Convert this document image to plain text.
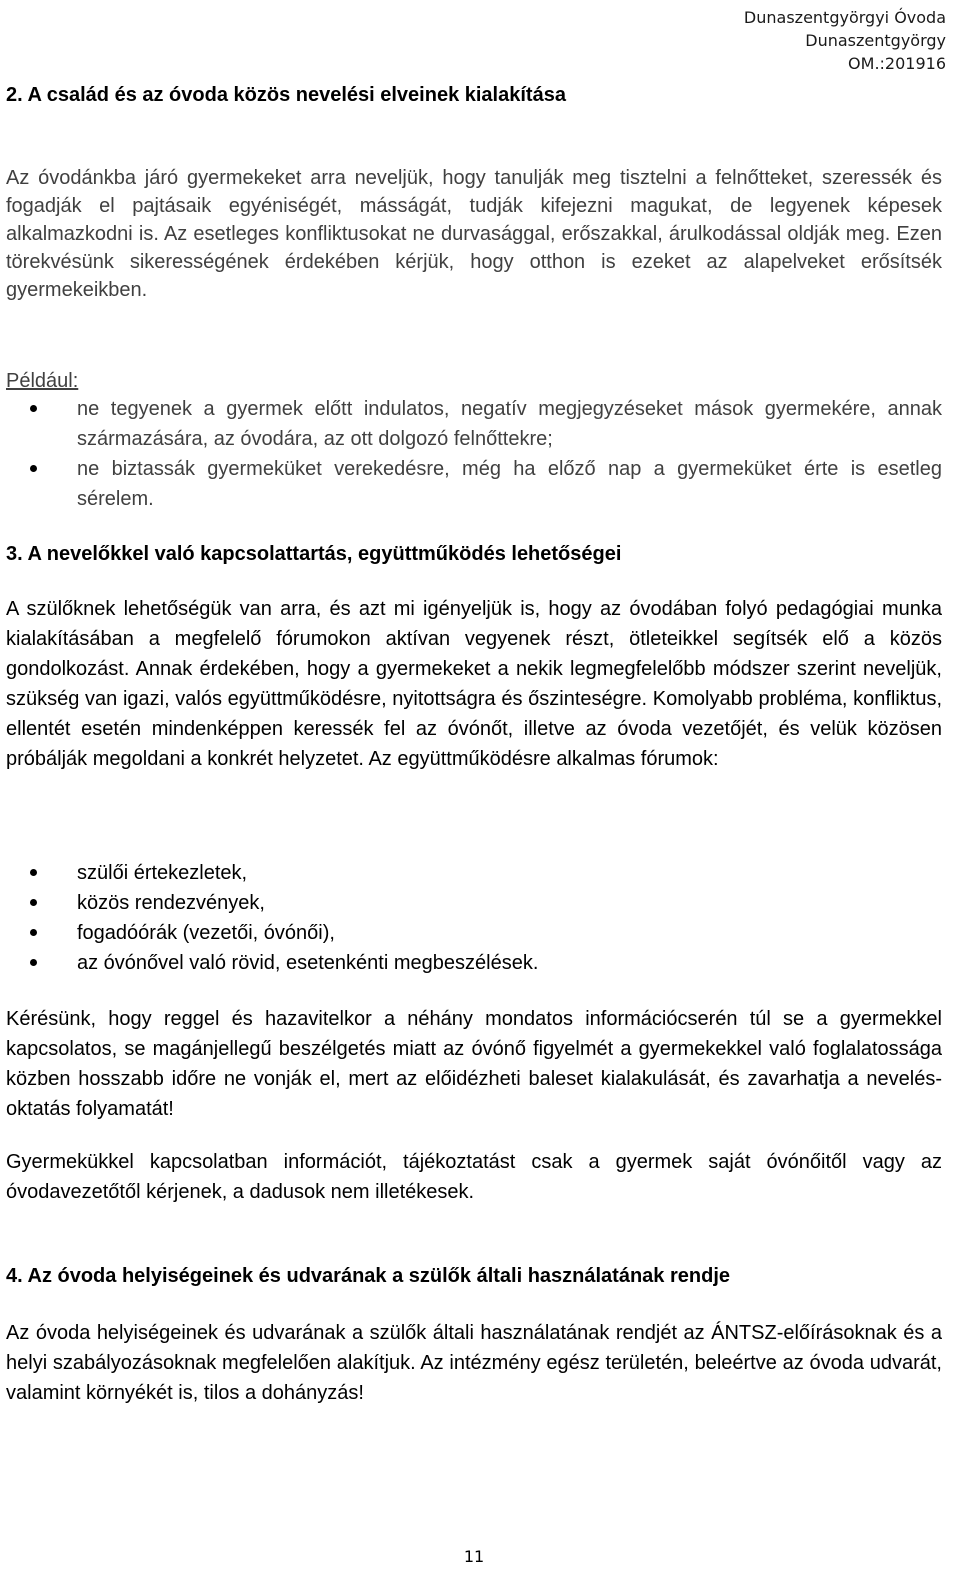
Dunaszentgyörgyi Óvoda
Dunaszentgyörgy
OM.:201916
2. A család és az óvoda közös nevelési elveinek kialakítása
Az óvodánkba járó gyermekeket arra neveljük, hogy tanulják meg tisztelni a felnőtteket, szeressék és fogadják el pajtásaik egyéniségét, másságát, tudják kifejezni magukat, de legyenek képesek alkalmazkodni is. Az esetleges konfliktusokat ne durvasággal, erőszakkal, árulkodással oldják meg. Ezen törekvésünk sikerességének érdekében kérjük, hogy otthon is ezeket az alapelveket erősítsék gyermekeikben.
Például:
ne tegyenek a gyermek előtt indulatos, negatív megjegyzéseket mások gyermekére, annak származására, az óvodára, az ott dolgozó felnőttekre;
ne biztassák gyermeküket verekedésre, még ha előző nap a gyermeküket érte is esetleg sérelem.
3. A nevelőkkel való kapcsolattartás, együttműködés lehetőségei
A szülőknek lehetőségük van arra, és azt mi igényeljük is, hogy az óvodában folyó pedagógiai munka kialakításában a megfelelő fórumokon aktívan vegyenek részt, ötleteikkel segítsék elő a közös gondolkozást. Annak érdekében, hogy a gyermekeket a nekik legmegfelelőbb módszer szerint neveljük, szükség van igazi, valós együttműködésre, nyitottságra és őszinteségre. Komolyabb probléma, konfliktus, ellentét esetén mindenképpen keressék fel az óvónőt, illetve az óvoda vezetőjét, és velük közösen próbálják megoldani a konkrét helyzetet. Az együttműködésre alkalmas fórumok:
szülői értekezletek,
közös rendezvények,
fogadóórák (vezetői, óvónői),
az óvónővel való rövid, esetenkénti megbeszélések.
Kérésünk, hogy reggel és hazavitelkor a néhány mondatos információcserén túl se a gyermekkel kapcsolatos, se magánjellegű beszélgetés miatt az óvónő figyelmét a gyermekekkel való foglalatossága közben hosszabb időre ne vonják el, mert az előidézheti baleset kialakulását, és zavarhatja a nevelés-oktatás folyamatát!
Gyermekükkel kapcsolatban információt, tájékoztatást csak a gyermek saját óvónőitől vagy az óvodavezetőtől kérjenek, a dadusok nem illetékesek.
4. Az óvoda helyiségeinek és udvarának a szülők általi használatának rendje
Az óvoda helyiségeinek és udvarának a szülők általi használatának rendjét az ÁNTSZ-előírásoknak és a helyi szabályozásoknak megfelelően alakítjuk. Az intézmény egész területén, beleértve az óvoda udvarát, valamint környékét is, tilos a dohányzás!
11
